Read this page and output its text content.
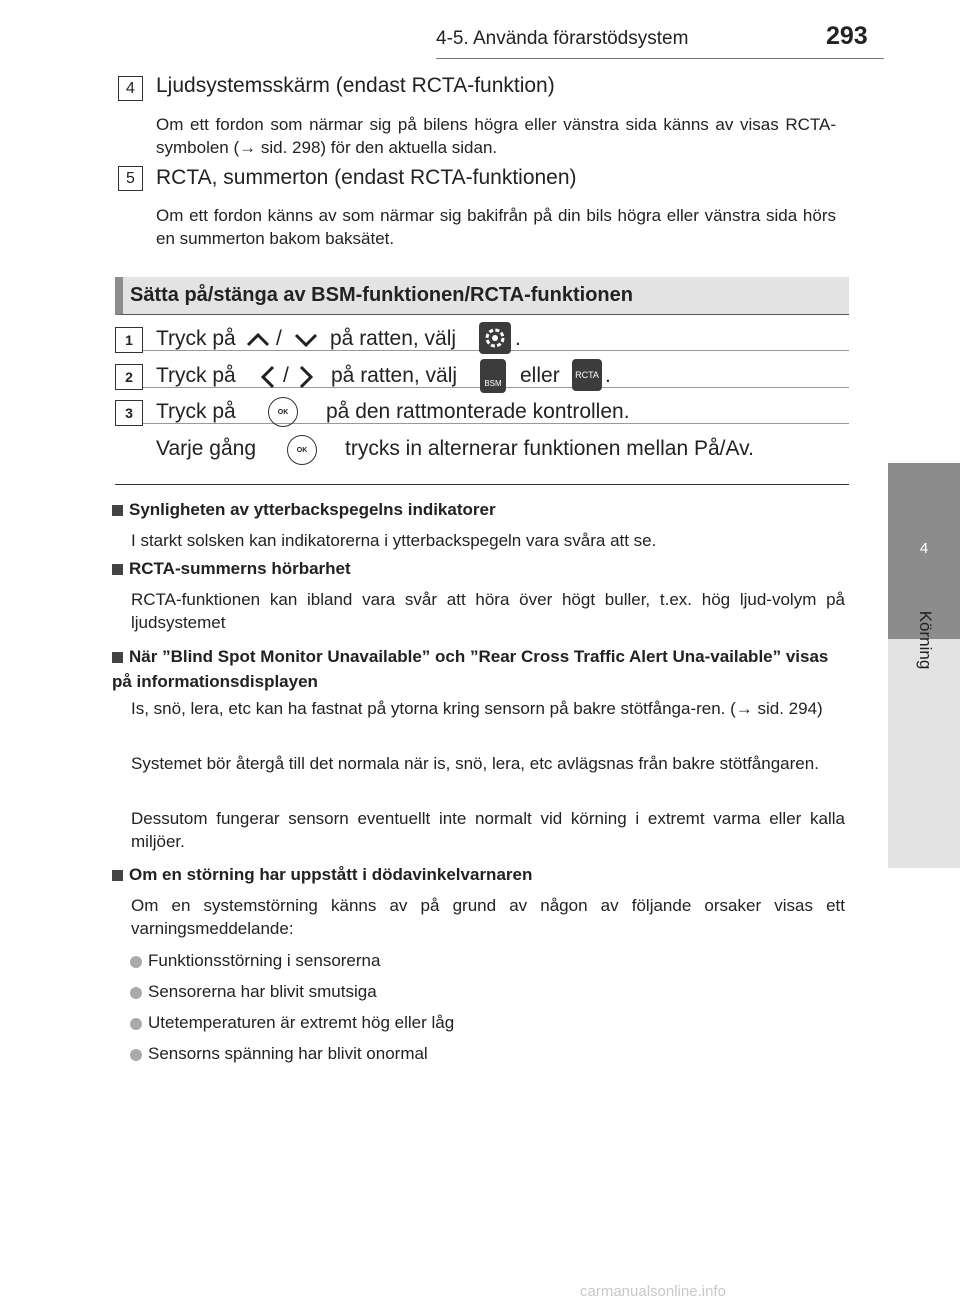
4-5. Använda förarstödsystem	293
4
Körning
4	Ljudsystemsskärm (endast RCTA-funktion)
Om ett fordon som närmar sig på bilens högra eller vänstra sida känns av visas RCTA-symbolen (→ sid. 298) för den aktuella sidan.
5	RCTA, summerton (endast RCTA-funktionen)
Om ett fordon känns av som närmar sig bakifrån på din bils högra eller vänstra sida hörs en summerton bakom baksätet.
Sätta på/stänga av BSM-funktionen/RCTA-funktionen
1	Tryck på / på ratten, välj	.
2	Tryck på / på ratten, välj	BSM eller	RCTA .
3	Tryck på	OK	på den rattmonterade kontrollen.
Varje gång	OK	trycks in alternerar funktionen mellan På/Av.
Synligheten av ytterbackspegelns indikatorer
I starkt solsken kan indikatorerna i ytterbackspegeln vara svåra att se.
RCTA-summerns hörbarhet
RCTA-funktionen kan ibland vara svår att höra över högt buller, t.ex. hög ljud-volym på ljudsystemet
När ”Blind Spot Monitor Unavailable” och ”Rear Cross Traffic Alert Una-vailable” visas på informationsdisplayen
Is, snö, lera, etc kan ha fastnat på ytorna kring sensorn på bakre stötfånga-ren. (→ sid. 294)
Systemet bör återgå till det normala när is, snö, lera, etc avlägsnas från bakre stötfångaren.
Dessutom fungerar sensorn eventuellt inte normalt vid körning i extremt varma eller kalla miljöer.
Om en störning har uppstått i dödavinkelvarnaren
Om en systemstörning känns av på grund av någon av följande orsaker visas ett varningsmeddelande:
Funktionsstörning i sensorerna
Sensorerna har blivit smutsiga
Utetemperaturen är extremt hög eller låg
Sensorns spänning har blivit onormal
carmanualsonline.info
